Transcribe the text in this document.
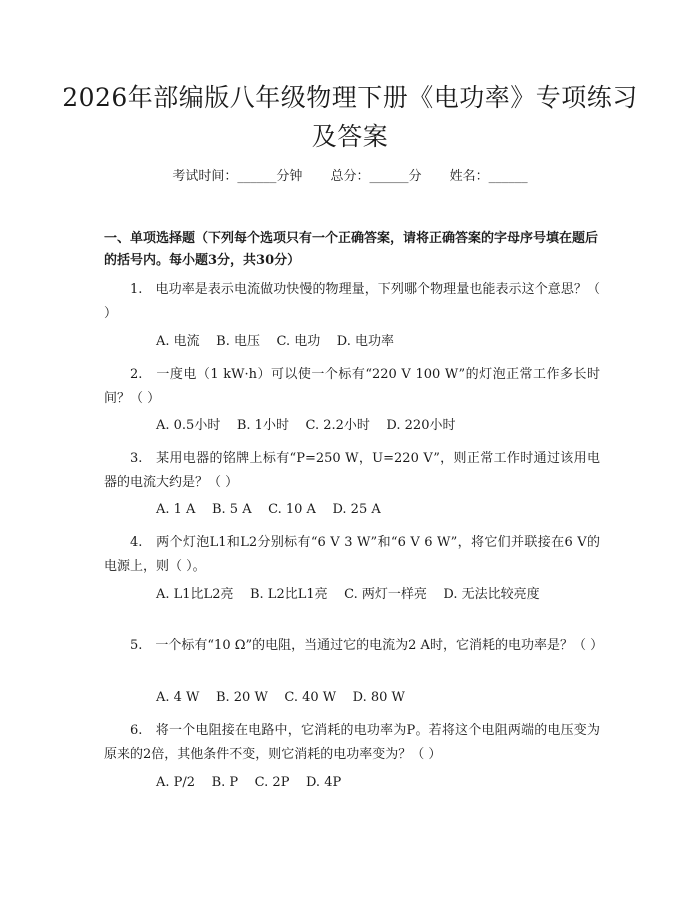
2026年部编版八年级物理下册《电功率》专项练习及答案
考试时间：______分钟 总分：______分 姓名：______
一、单项选择题（下列每个选项只有一个正确答案，请将正确答案的字母序号填在题后的括号内。每小题3分，共30分）
1.　电功率是表示电流做功快慢的物理量，下列哪个物理量也能表示这个意思？（ ）
A. 电流    B. 电压    C. 电功    D. 电功率
2.　一度电（1 kW·h）可以使一个标有“220 V 100 W”的灯泡正常工作多长时间？（ ）
A. 0.5小时    B. 1小时    C. 2.2小时    D. 220小时
3.　某用电器的铭牌上标有“P=250 W，U=220 V”，则正常工作时通过该用电器的电流大约是？（ ）
A. 1 A    B. 5 A    C. 10 A    D. 25 A
4.　两个灯泡L1和L2分别标有“6 V 3 W”和“6 V 6 W”，将它们并联接在6 V的电源上，则（ ）。
A. L1比L2亮    B. L2比L1亮    C. 两灯一样亮    D. 无法比较亮度
5.　一个标有“10 Ω”的电阻，当通过它的电流为2 A时，它消耗的电功率是？（ ）
A. 4 W    B. 20 W    C. 40 W    D. 80 W
6.　将一个电阻接在电路中，它消耗的电功率为P。若将这个电阻两端的电压变为原来的2倍，其他条件不变，则它消耗的电功率变为？（ ）
A. P/2    B. P    C. 2P    D. 4P
